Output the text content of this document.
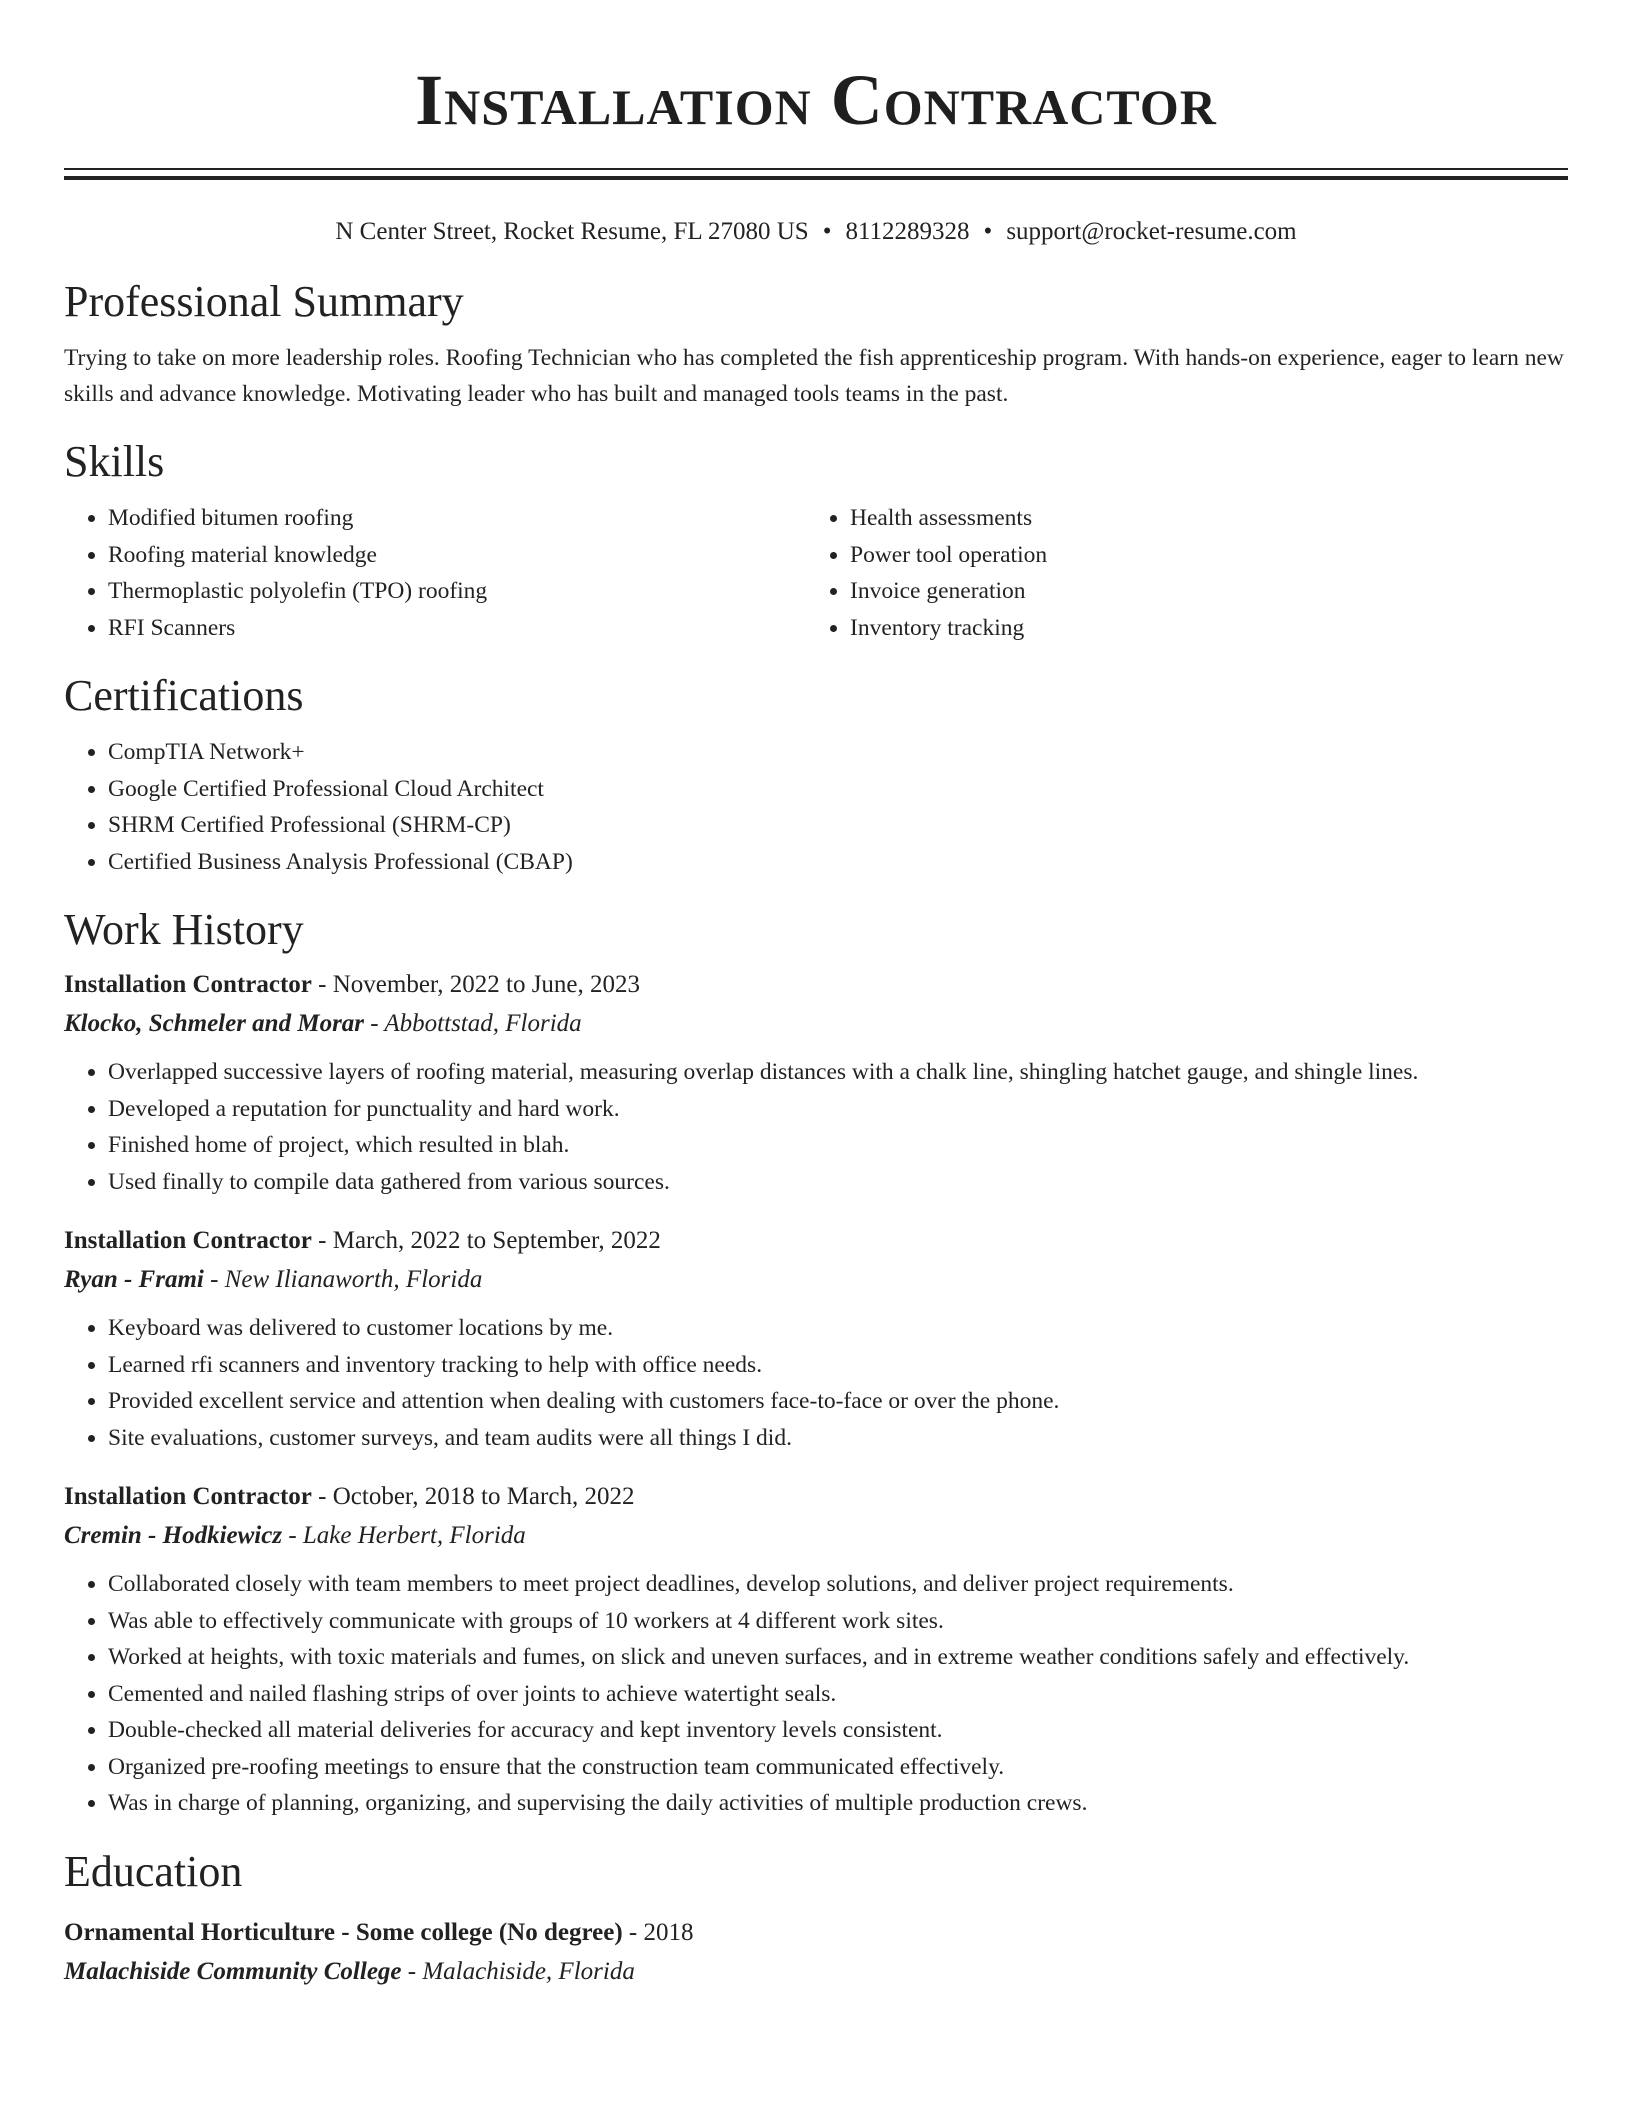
Installation Contractor
N Center Street, Rocket Resume, FL 27080 US • 8112289328 • support@rocket-resume.com
Professional Summary

Trying to take on more leadership roles. Roofing Technician who has completed the fish apprenticeship program. With hands-on experience, eager to learn new skills and advance knowledge. Motivating leader who has built and managed tools teams in the past.

Skills
• Modified bitumen roofing
• Roofing material knowledge
• Thermoplastic polyolefin (TPO) roofing
• RFI Scanners
• Health assessments
• Power tool operation
• Invoice generation
• Inventory tracking
Certifications
• CompTIA Network+
• Google Certified Professional Cloud Architect
• SHRM Certified Professional (SHRM-CP)
• Certified Business Analysis Professional (CBAP)
Work History

Installation Contractor - November, 2022 to June, 2023

Klocko, Schmeler and Morar - Abbottstad, Florida

• Overlapped successive layers of roofing material, measuring overlap distances with a chalk line, shingling hatchet gauge, and shingle lines.
• Developed a reputation for punctuality and hard work.
• Finished home of project, which resulted in blah.
• Used finally to compile data gathered from various sources.

Installation Contractor - March, 2022 to September, 2022

Ryan - Frami - New Ilianaworth, Florida

• Keyboard was delivered to customer locations by me.
• Learned rfi scanners and inventory tracking to help with office needs.
• Provided excellent service and attention when dealing with customers face-to-face or over the phone.
• Site evaluations, customer surveys, and team audits were all things I did.

Installation Contractor - October, 2018 to March, 2022

Cremin - Hodkiewicz - Lake Herbert, Florida

• Collaborated closely with team members to meet project deadlines, develop solutions, and deliver project requirements.
• Was able to effectively communicate with groups of 10 workers at 4 different work sites.
• Worked at heights, with toxic materials and fumes, on slick and uneven surfaces, and in extreme weather conditions safely and effectively.
• Cemented and nailed flashing strips of over joints to achieve watertight seals.
• Double-checked all material deliveries for accuracy and kept inventory levels consistent.
• Organized pre-roofing meetings to ensure that the construction team communicated effectively.
• Was in charge of planning, organizing, and supervising the daily activities of multiple production crews.
Education

Ornamental Horticulture - Some college (No degree) - 2018

Malachiside Community College - Malachiside, Florida
